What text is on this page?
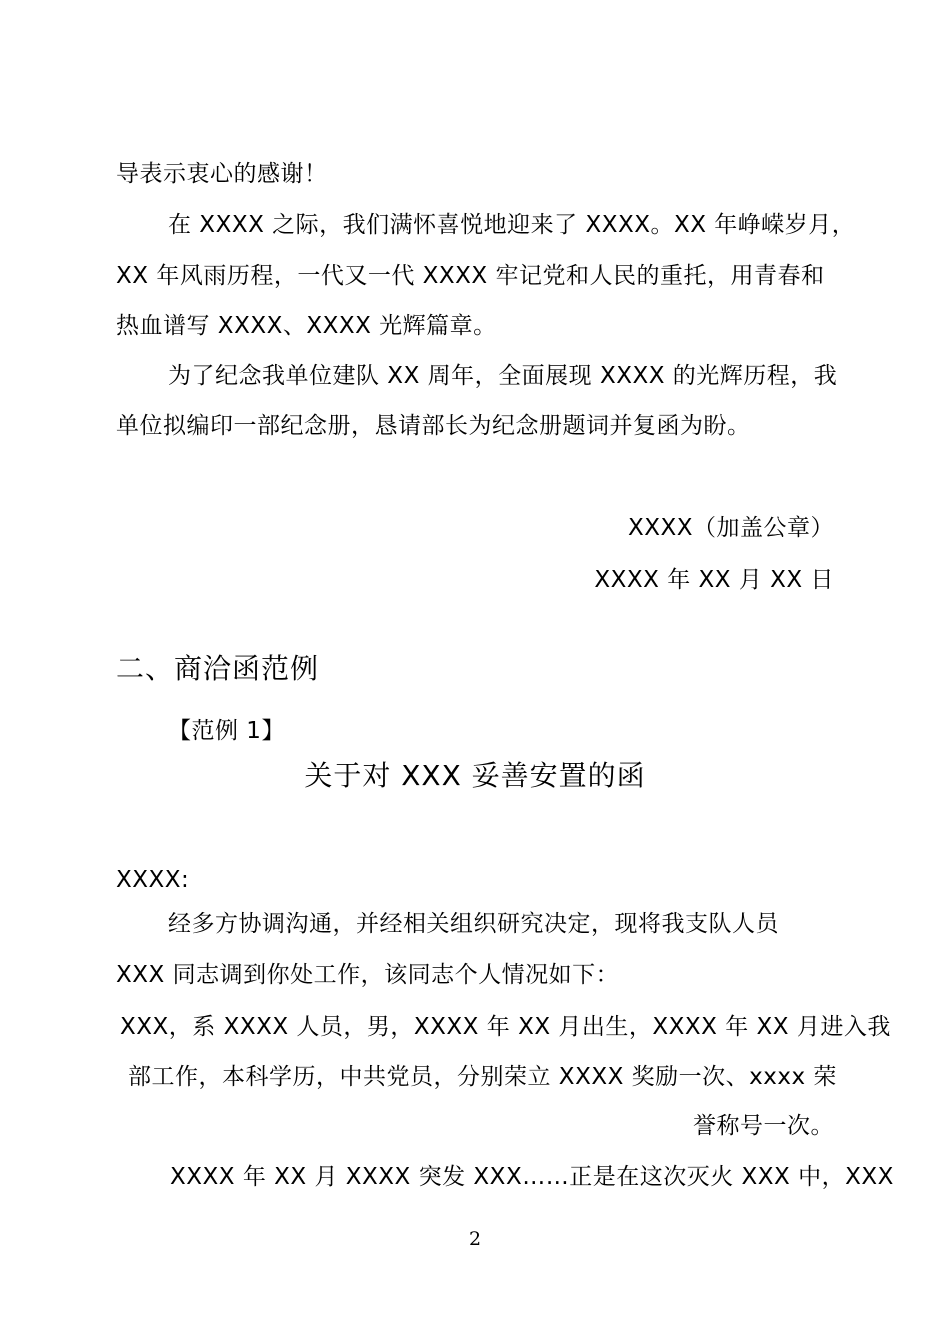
导表示衷心的感谢！
在 XXXX 之际，我们满怀喜悦地迎来了 XXXX。XX 年峥嵘岁月，
XX 年风雨历程，一代又一代 XXXX 牢记党和人民的重托，用青春和
热血谱写 XXXX、XXXX 光辉篇章。
为了纪念我单位建队 XX 周年，全面展现 XXXX 的光辉历程，我
单位拟编印一部纪念册，恳请部长为纪念册题词并复函为盼。
XXXX（加盖公章）
XXXX 年 XX 月 XX 日
二、商洽函范例
【范例 1】
关于对 XXX 妥善安置的函
XXXX:
经多方协调沟通，并经相关组织研究决定，现将我支队人员
XXX 同志调到你处工作，该同志个人情况如下：
XXX，系 XXXX 人员，男，XXXX 年 XX 月出生，XXXX 年 XX 月进入我
部工作，本科学历，中共党员，分别荣立 XXXX 奖励一次、xxxx 荣
誉称号一次。
XXXX 年 XX 月 XXXX 突发 XXX……正是在这次灭火 XXX 中，XXX
2
